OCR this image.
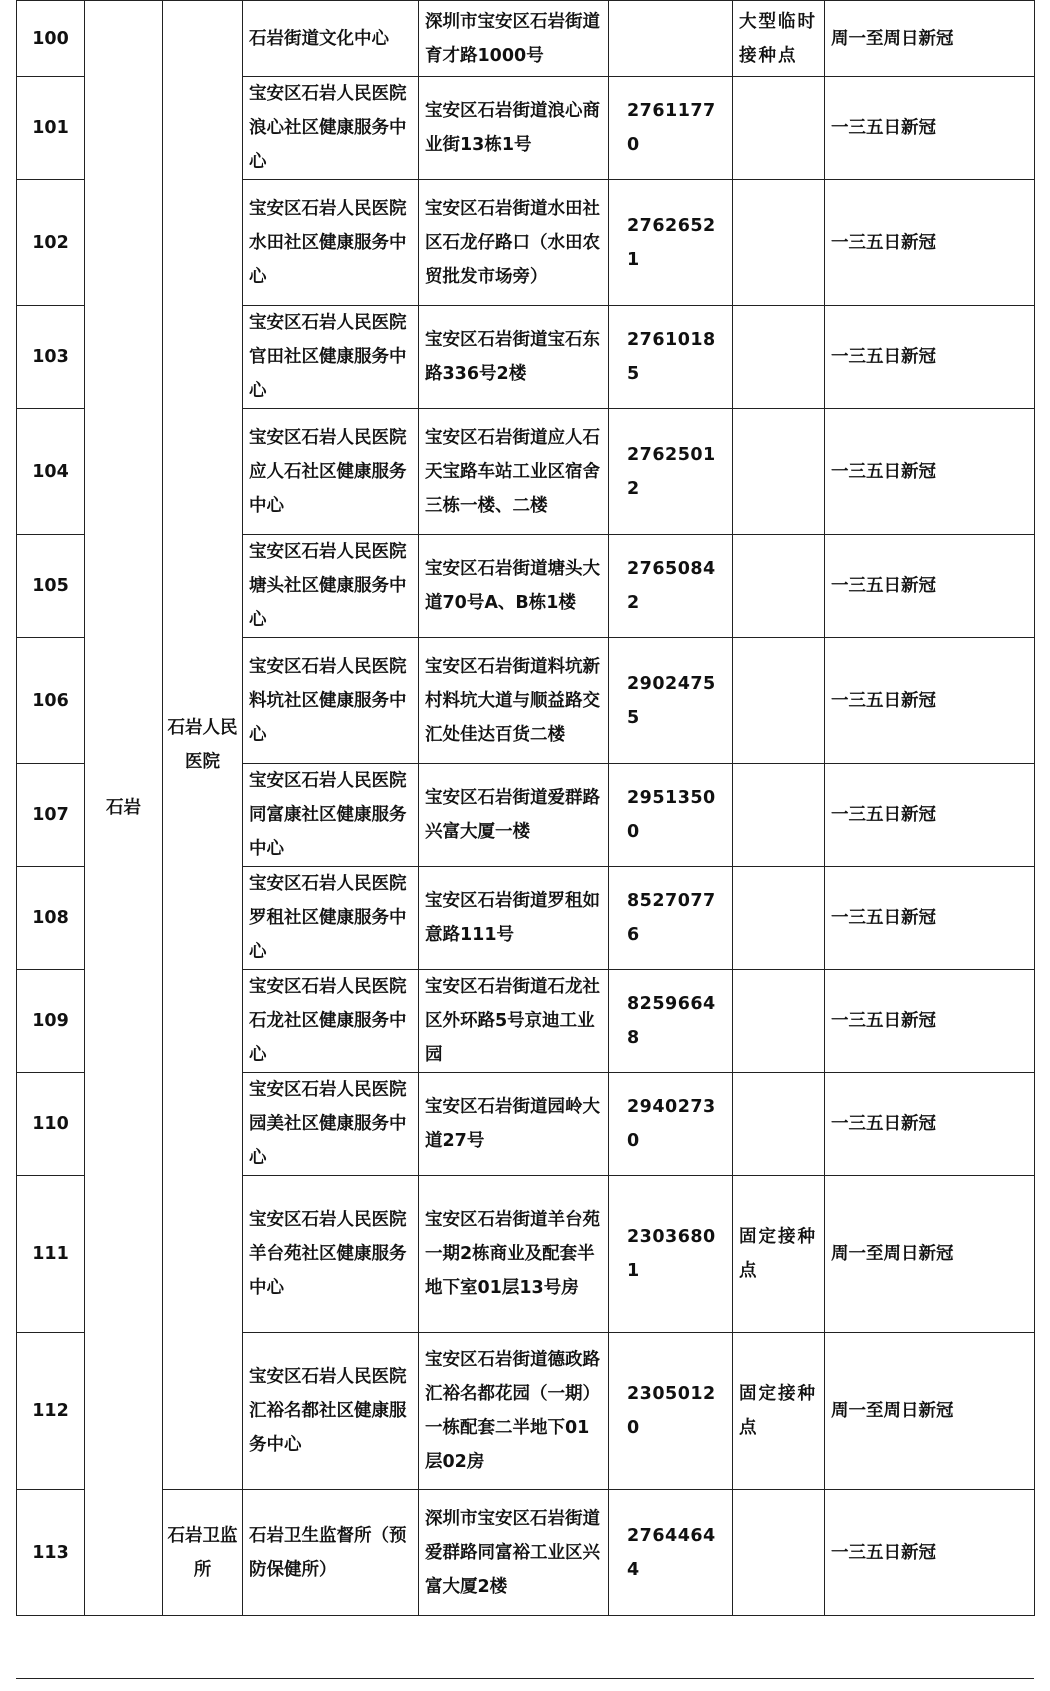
100	石岩	石岩人民医院	石岩街道文化中心	深圳市宝安区石岩街道育才路1000号		大型临时接种点	周一至周日新冠
101			宝安区石岩人民医院浪心社区健康服务中心	宝安区石岩街道浪心商业街13栋1号	27611770		一三五日新冠
102			宝安区石岩人民医院水田社区健康服务中心	宝安区石岩街道水田社区石龙仔路口（水田农贸批发市场旁）	27626521		一三五日新冠
103			宝安区石岩人民医院官田社区健康服务中心	宝安区石岩街道宝石东路336号2楼	27610185		一三五日新冠
104			宝安区石岩人民医院应人石社区健康服务中心	宝安区石岩街道应人石天宝路车站工业区宿舍三栋一楼、二楼	27625012		一三五日新冠
105			宝安区石岩人民医院塘头社区健康服务中心	宝安区石岩街道塘头大道70号A、B栋1楼	27650842		一三五日新冠
106			宝安区石岩人民医院料坑社区健康服务中心	宝安区石岩街道料坑新村料坑大道与顺益路交汇处佳达百货二楼	29024755		一三五日新冠
107			宝安区石岩人民医院同富康社区健康服务中心	宝安区石岩街道爱群路兴富大厦一楼	29513500		一三五日新冠
108			宝安区石岩人民医院罗租社区健康服务中心	宝安区石岩街道罗租如意路111号	85270776		一三五日新冠
109			宝安区石岩人民医院石龙社区健康服务中心	宝安区石岩街道石龙社区外环路5号京迪工业园	82596648		一三五日新冠
110			宝安区石岩人民医院园美社区健康服务中心	宝安区石岩街道园岭大道27号	29402730		一三五日新冠
111			宝安区石岩人民医院羊台苑社区健康服务中心	宝安区石岩街道羊台苑一期2栋商业及配套半地下室01层13号房	23036801	固定接种点	周一至周日新冠
112			宝安区石岩人民医院汇裕名都社区健康服务中心	宝安区石岩街道德政路汇裕名都花园（一期）一栋配套二半地下01层02房	23050120	固定接种点	周一至周日新冠
113		石岩卫监所	石岩卫生监督所（预防保健所）	深圳市宝安区石岩街道爱群路同富裕工业区兴富大厦2楼	27644644		一三五日新冠
